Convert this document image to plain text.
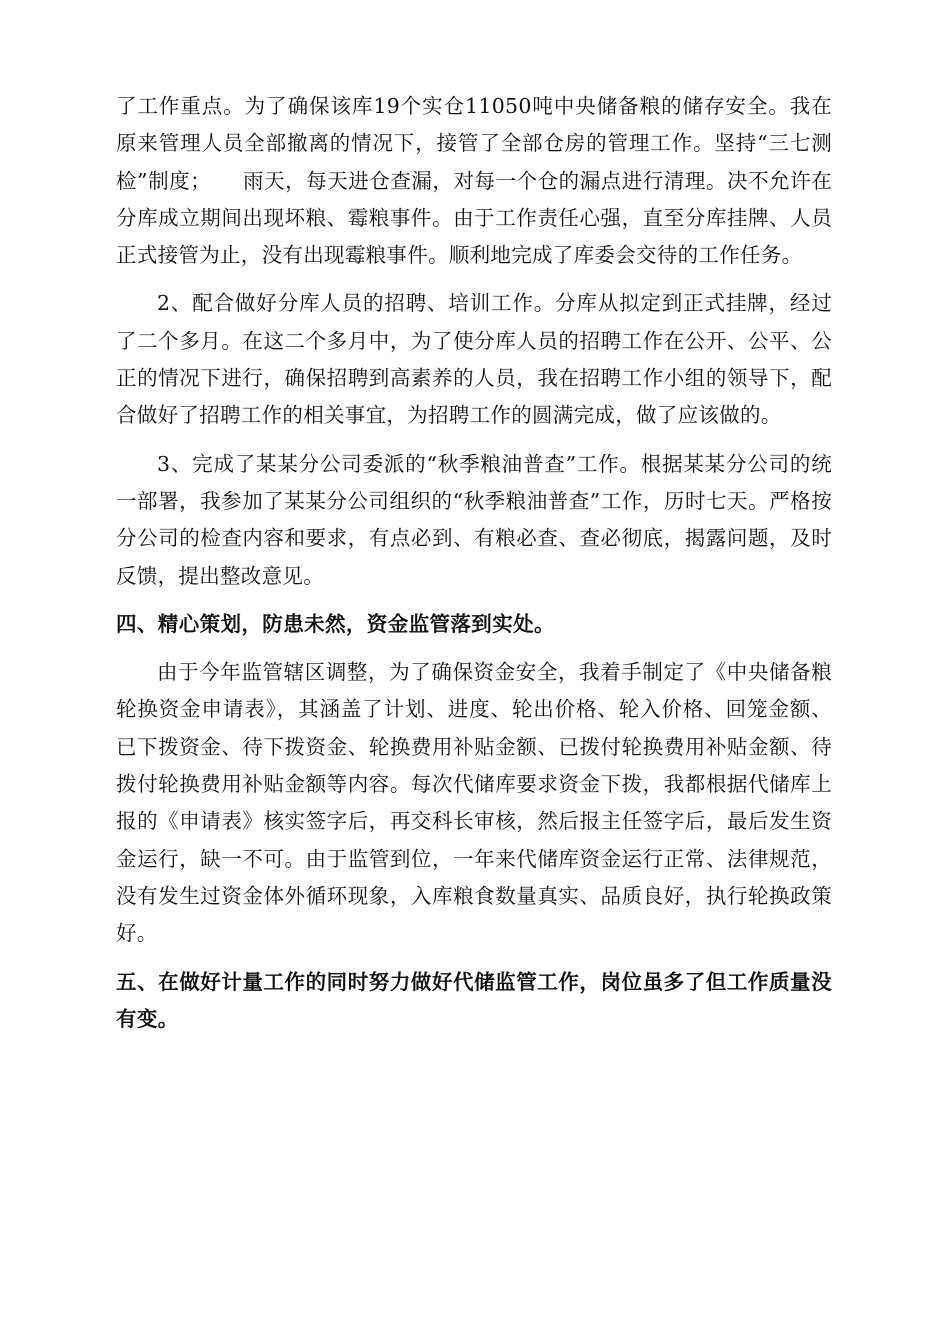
了工作重点。为了确保该库19个实仓11050吨中央储备粮的储存安全。我在原来管理人员全部撤离的情况下，接管了全部仓房的管理工作。坚持“三七测检”制度；　　雨天，每天进仓查漏，对每一个仓的漏点进行清理。决不允许在分库成立期间出现坏粮、霉粮事件。由于工作责任心强，直至分库挂牌、人员正式接管为止，没有出现霉粮事件。顺利地完成了库委会交待的工作任务。

2、配合做好分库人员的招聘、培训工作。分库从拟定到正式挂牌，经过了二个多月。在这二个多月中，为了使分库人员的招聘工作在公开、公平、公正的情况下进行，确保招聘到高素养的人员，我在招聘工作小组的领导下，配合做好了招聘工作的相关事宜，为招聘工作的圆满完成，做了应该做的。

3、完成了某某分公司委派的“秋季粮油普查”工作。根据某某分公司的统一部署，我参加了某某分公司组织的“秋季粮油普查”工作，历时七天。严格按分公司的检查内容和要求，有点必到、有粮必查、查必彻底，揭露问题，及时反馈，提出整改意见。

四、精心策划，防患未然，资金监管落到实处。

由于今年监管辖区调整，为了确保资金安全，我着手制定了《中央储备粮轮换资金申请表》，其涵盖了计划、进度、轮出价格、轮入价格、回笼金额、已下拨资金、待下拨资金、轮换费用补贴金额、已拨付轮换费用补贴金额、待拨付轮换费用补贴金额等内容。每次代储库要求资金下拨，我都根据代储库上报的《申请表》核实签字后，再交科长审核，然后报主任签字后，最后发生资金运行，缺一不可。由于监管到位，一年来代储库资金运行正常、法律规范，没有发生过资金体外循环现象，入库粮食数量真实、品质良好，执行轮换政策好。

五、在做好计量工作的同时努力做好代储监管工作，岗位虽多了但工作质量没有变。
